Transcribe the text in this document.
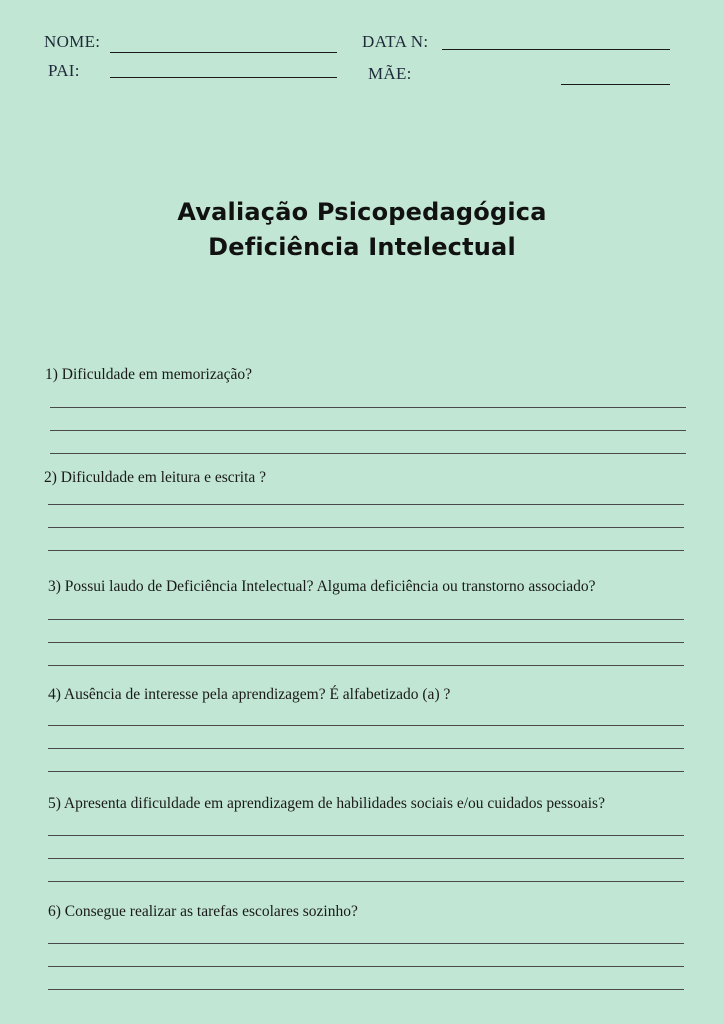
NOME:	DATA N:
PAI:	MÃE:
Avaliação Psicopedagógica
Deficiência Intelectual
1) Dificuldade em memorização?
2) Dificuldade em leitura e escrita ?
3) Possui laudo de Deficiência Intelectual? Alguma deficiência ou transtorno associado?
4) Ausência de interesse pela aprendizagem? É alfabetizado (a) ?
5) Apresenta dificuldade em aprendizagem de habilidades sociais e/ou cuidados pessoais?
6) Consegue realizar as tarefas escolares sozinho?
